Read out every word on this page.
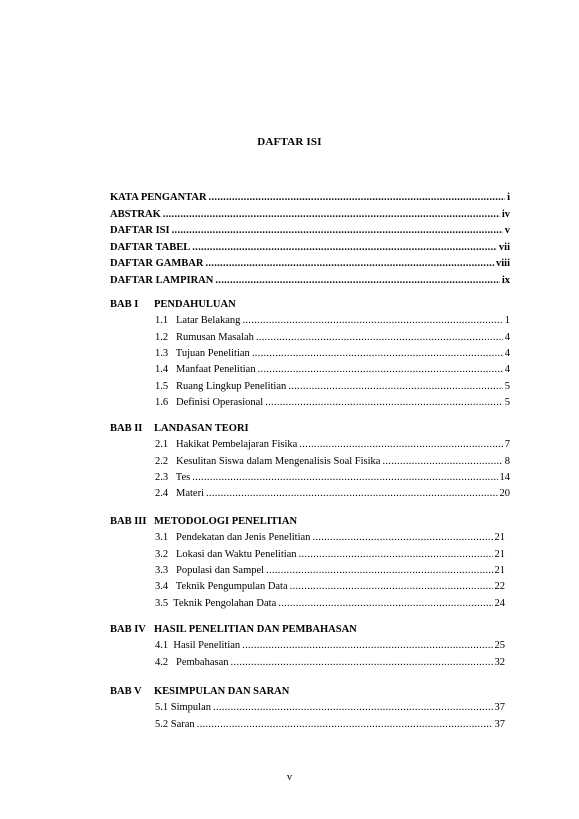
DAFTAR ISI
KATA PENGANTAR .....	i
ABSTRAK .....	iv
DAFTAR ISI .....	v
DAFTAR TABEL .....	vii
DAFTAR GAMBAR .....	viii
DAFTAR LAMPIRAN .....	ix
BAB I PENDAHULUAN
1.1   Latar Belakang .....	1
1.2   Rumusan Masalah .....	4
1.3   Tujuan Penelitian .....	4
1.4   Manfaat Penelitian .....	4
1.5   Ruang Lingkup Penelitian .....	5
1.6   Definisi Operasional .....	5
BAB II LANDASAN TEORI
2.1   Hakikat Pembelajaran Fisika .....	7
2.2   Kesulitan Siswa dalam Mengenalisis Soal Fisika .....	8
2.3   Tes .....	14
2.4   Materi .....	20
BAB III METODOLOGI PENELITIAN
3.1   Pendekatan dan Jenis Penelitian .....	21
3.2   Lokasi dan Waktu Penelitian .....	21
3.3   Populasi dan Sampel .....	21
3.4   Teknik Pengumpulan Data .....	22
3.5  Teknik Pengolahan Data .....	24
BAB IV HASIL PENELITIAN DAN PEMBAHASAN
4.1  Hasil Penelitian .....	25
4.2   Pembahasan .....	32
BAB V KESIMPULAN DAN SARAN
5.1 Simpulan .....	37
5.2 Saran .....	37
v
